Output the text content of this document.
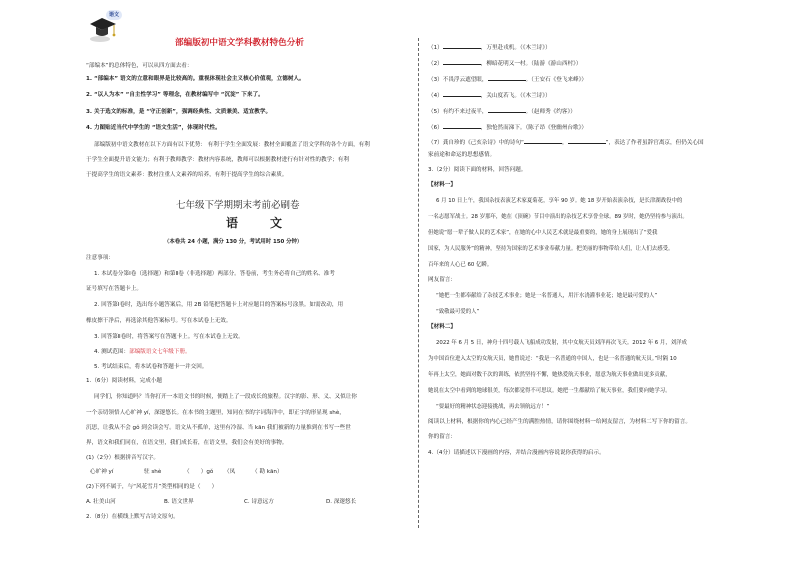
语文
部编版初中语文学科教材特色分析
“部编本”的总体特色，可以从四方面去看：
1. “部编本” 语文的立意和眼界是比较高的。重视体现社会主义核心价值观，立德树人。
2. “以人为本” “自主性学习” 等理念，在教材编写中 “沉淀” 下来了。
3. 关于选文的标准，是 “守正创新”，强调经典性、文质兼美、适宜教学。
4. 力图贴近当代中学生的 “语文生活”，体现时代性。
部编版初中语文教材在以下方面有以下优势： 有利于学生全面发展：教材全面覆盖了语文学科的各个方面，有利
于学生全面提升语文能力；有利于教师教学：教材内容系统，教师可以根据教材进行有针对性的教学；有利
于提高学生的语文素养：教材注重人文素养的培养，有利于提高学生的综合素质。
七年级下学期期末考前必刷卷
语　文
（本卷共 24 小题，满分 130 分，考试用时 150 分钟）
注意事项：
1. 本试卷分第Ⅰ卷（选择题）和第Ⅱ卷（非选择题）两部分。答卷前，考生务必将自己的姓名、准考
证号填写在答题卡上。
2. 回答第Ⅰ卷时，选出每小题答案后，用 2B 铅笔把答题卡上对应题目的答案标号涂黑。如需改动，用
橡皮擦干净后，再选涂其他答案标号。写在本试卷上无效。
3. 回答第Ⅱ卷时，将答案写在答题卡上。写在本试卷上无效。
4. 测试范围：部编版语文七年级下册。
5. 考试结束后，将本试卷和答题卡一并交回。
1.（6分）阅读材料，完成小题
同学们，你知道吗？当你打开一本语文书的时候，便踏上了一段成长的旅程。汉字的影、形、义、又似让你
一个亲切领悟人心旷神 yí，深邃悠长。在本书的主题里，知同在书的字词海洋中，即正字的形显现 shè，
沉思，让我从不会 gǒ 到会读会写。语文从不孤单，这里有冷湿、当 kān 我们被新的力量推到在书写一些世
界，语文和我们同在，在语文里，我们成长着，在语文里，我们会有美好的事物。
(1)（2分）根据拼音写汉字。
心旷神 yí	驻 shè	（　　）gǒ （凤	（ 勘 kān）
(2)下列不属于，与“风花雪月”类型相同的是（　　）
A. 壮美山河	B. 语文世界	C. 诗意远方	D. 深邃悠长
2.（8分）在横线上默写古诗文原句。
（1）	，万里赴戎机。（《木兰诗》）
（2）	，柳暗花明又一村。（陆游《游山西村》）
（3）不畏浮云遮望眼，	。（王安石《登飞来峰》）
（4）	，关山度若飞。（《木兰诗》）
（5）有约不来过夜半，	。（赵师秀《约客》）
（6）	，独怆然而涕下。（陈子昂《登幽州台歌》）
（7）龚自珍的《己亥杂诗》中的诗句“	，	”，表达了作者虽辞官离京，但仍关心国
家前途和命运的思想感情。
3.（2分）阅读下面的材料，回答问题。
【材料一】
6 月 10 日上午，我国杂技表演艺术家夏菊花，享年 90 岁。她 18 岁开始表演杂技，是长津湖战役中的
一名志愿军战士。28 岁那年，她在《顶碗》节目中演出的杂技艺术享誉全球。89 岁时，她仍坚持参与演出。
但她说“愿一辈子做人民的艺术家”，在她的心中人民艺术就是最重要的，她的身上展现出了“爱我
国家，为人民服务”的精神，坚持为国家的艺术事业奉献力量。把美丽的事物带给人们，让人们去感受。
百年来的人心已 60 亿瞬。
网友留言：
“她把一生都奉献给了杂技艺术事业；她是一名普通人，用汗水浇灌事业花；她是最可爱的人”
“致敬最可爱的人”
【材料二】
2022 年 6 月 5 日，神舟十四号载人飞船成功发射，其中女航天员刘洋再次飞天。2012 年 6 月，刘洋成
为中国首位进入太空的女航天员，她曾说过：“我是一名普通的中国人，也是一名普通的航天员。”时隔 10
年再上太空，她面对数千次的训练，依然坚持不懈，她热爱航天事业，愿意为航天事业做出更多贡献，
她说在太空中看到的地球很美，每次都觉得不可思议。她把一生都献给了航天事业，我们要向她学习。
“要最好的精神状态迎接挑战，再去领航远方！”
阅读以上材料，根据你的内心已经产生的满腔热情，请你围绕材料一给网友留言，为材料二写下你的留言。
你的留言：
4.（4分）请描述以下漫画的内容，并结合漫画内容说说你获得的启示。
